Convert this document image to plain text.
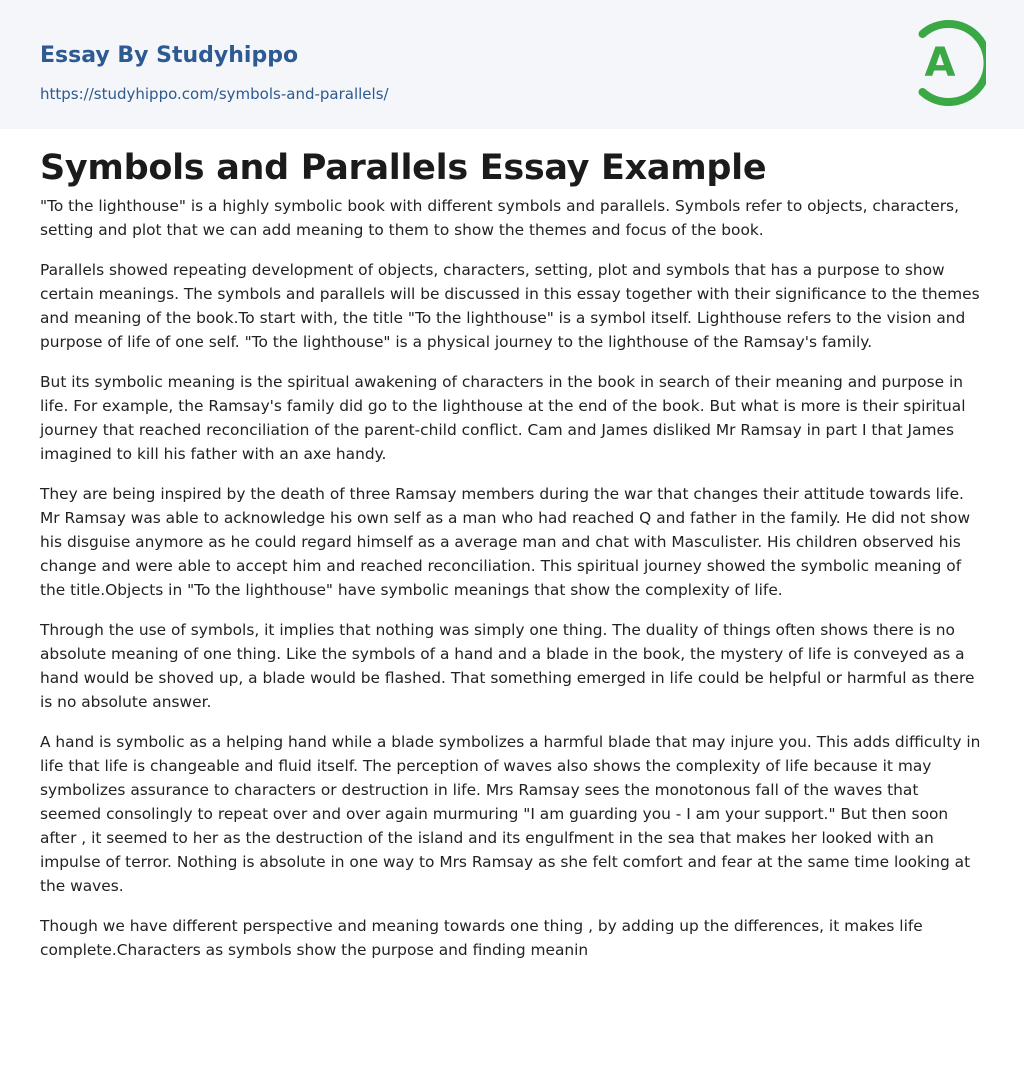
Essay By Studyhippo
https://studyhippo.com/symbols-and-parallels/
A
Symbols and Parallels Essay Example

"To the lighthouse" is a highly symbolic book with different symbols and parallels. Symbols refer to objects, characters, setting and plot that we can add meaning to them to show the themes and focus of the book.

Parallels showed repeating development of objects, characters, setting, plot and symbols that has a purpose to show certain meanings. The symbols and parallels will be discussed in this essay together with their significance to the themes and meaning of the book.To start with, the title "To the lighthouse" is a symbol itself. Lighthouse refers to the vision and purpose of life of one self. "To the lighthouse" is a physical journey to the lighthouse of the Ramsay's family.

But its symbolic meaning is the spiritual awakening of characters in the book in search of their meaning and purpose in life. For example, the Ramsay's family did go to the lighthouse at the end of the book. But what is more is their spiritual journey that reached reconciliation of the parent-child conflict. Cam and James disliked Mr Ramsay in part I that James imagined to kill his father with an axe handy.

They are being inspired by the death of three Ramsay members during the war that changes their attitude towards life. Mr Ramsay was able to acknowledge his own self as a man who had reached Q and father in the family. He did not show his disguise anymore as he could regard himself as a average man and chat with Masculister. His children observed his change and were able to accept him and reached reconciliation. This spiritual journey showed the symbolic meaning of the title.Objects in "To the lighthouse" have symbolic meanings that show the complexity of life.

Through the use of symbols, it implies that nothing was simply one thing. The duality of things often shows there is no absolute meaning of one thing. Like the symbols of a hand and a blade in the book, the mystery of life is conveyed as a hand would be shoved up, a blade would be flashed. That something emerged in life could be helpful or harmful as there is no absolute answer.

A hand is symbolic as a helping hand while a blade symbolizes a harmful blade that may injure you. This adds difficulty in life that life is changeable and fluid itself. The perception of waves also shows the complexity of life because it may symbolizes assurance to characters or destruction in life. Mrs Ramsay sees the monotonous fall of the waves that seemed consolingly to repeat over and over again murmuring "I am guarding you - I am your support." But then soon after , it seemed to her as the destruction of the island and its engulfment in the sea that makes her looked with an impulse of terror. Nothing is absolute in one way to Mrs Ramsay as she felt comfort and fear at the same time looking at the waves.

Though we have different perspective and meaning towards one thing , by adding up the differences, it makes life complete.Characters as symbols show the purpose and finding meanin
